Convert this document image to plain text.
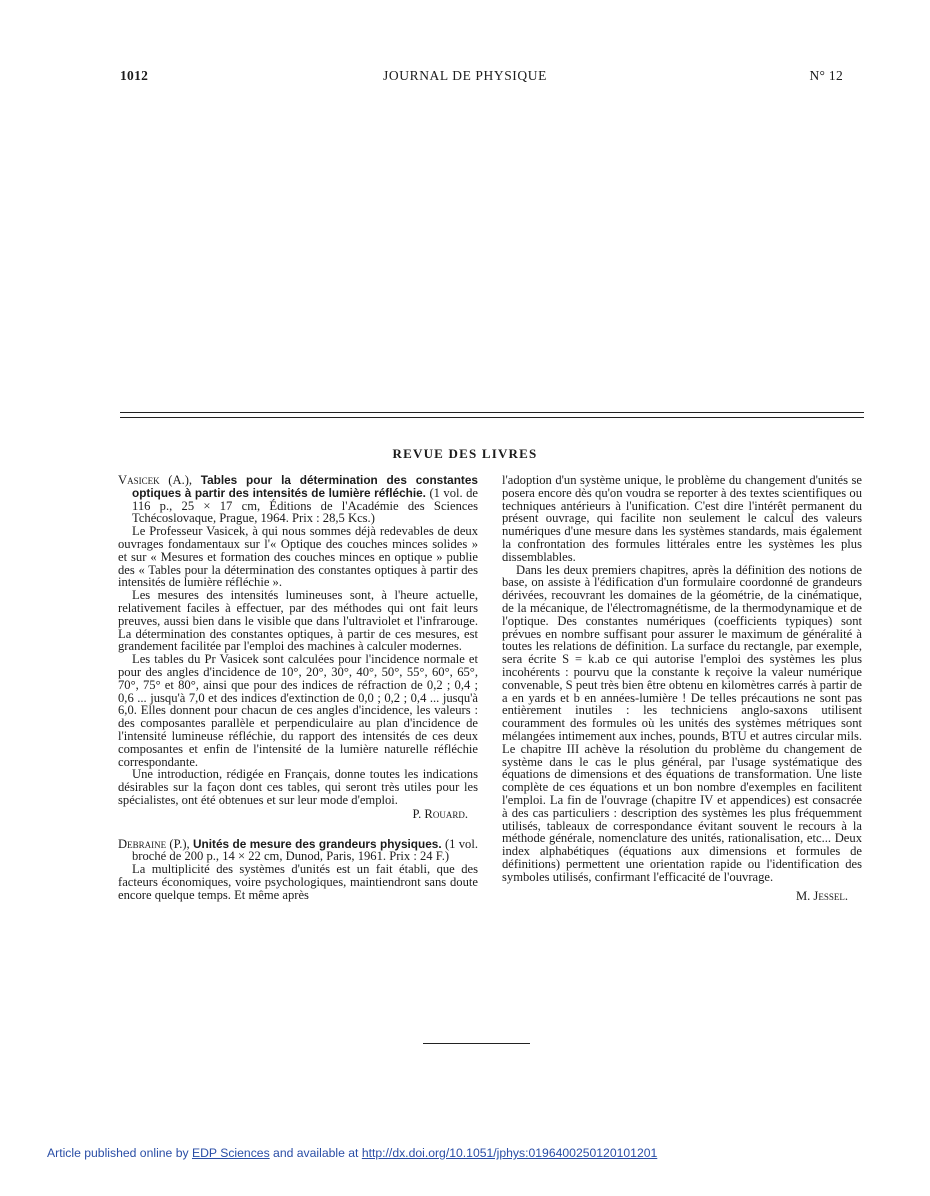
1012	JOURNAL DE PHYSIQUE	N° 12
REVUE DES LIVRES

Vasicek (A.), Tables pour la détermination des constantes optiques à partir des intensités de lumière réfléchie. (1 vol. de 116 p., 25 × 17 cm, Éditions de l'Académie des Sciences Tchécoslovaque, Prague, 1964. Prix : 28,5 Kcs.)

Le Professeur Vasicek, à qui nous sommes déjà redevables de deux ouvrages fondamentaux sur l'« Optique des couches minces solides » et sur « Mesures et formation des couches minces en optique » publie des « Tables pour la détermination des constantes optiques à partir des intensités de lumière réfléchie ».

Les mesures des intensités lumineuses sont, à l'heure actuelle, relativement faciles à effectuer, par des méthodes qui ont fait leurs preuves, aussi bien dans le visible que dans l'ultraviolet et l'infrarouge. La détermination des constantes optiques, à partir de ces mesures, est grandement facilitée par l'emploi des machines à calculer modernes.

Les tables du Pr Vasicek sont calculées pour l'incidence normale et pour des angles d'incidence de 10°, 20°, 30°, 40°, 50°, 55°, 60°, 65°, 70°, 75° et 80°, ainsi que pour des indices de réfraction de 0,2 ; 0,4 ; 0,6 ... jusqu'à 7,0 et des indices d'extinction de 0,0 ; 0,2 ; 0,4 ... jusqu'à 6,0. Elles donnent pour chacun de ces angles d'incidence, les valeurs : des composantes parallèle et perpendiculaire au plan d'incidence de l'intensité lumineuse réfléchie, du rapport des intensités de ces deux composantes et enfin de l'intensité de la lumière naturelle réfléchie correspondante.

Une introduction, rédigée en Français, donne toutes les indications désirables sur la façon dont ces tables, qui seront très utiles pour les spécialistes, ont été obtenues et sur leur mode d'emploi.

P. Rouard.

Debraine (P.), Unités de mesure des grandeurs physiques. (1 vol. broché de 200 p., 14 × 22 cm, Dunod, Paris, 1961. Prix : 24 F.)

La multiplicité des systèmes d'unités est un fait établi, que des facteurs économiques, voire psychologiques, maintiendront sans doute encore quelque temps. Et même après

l'adoption d'un système unique, le problème du changement d'unités se posera encore dès qu'on voudra se reporter à des textes scientifiques ou techniques antérieurs à l'unification. C'est dire l'intérêt permanent du présent ouvrage, qui facilite non seulement le calcul des valeurs numériques d'une mesure dans les systèmes standards, mais également la confrontation des formules littérales entre les systèmes les plus dissemblables.

Dans les deux premiers chapitres, après la définition des notions de base, on assiste à l'édification d'un formulaire coordonné de grandeurs dérivées, recouvrant les domaines de la géométrie, de la cinématique, de la mécanique, de l'électromagnétisme, de la thermodynamique et de l'optique. Des constantes numériques (coefficients typiques) sont prévues en nombre suffisant pour assurer le maximum de généralité à toutes les relations de définition. La surface du rectangle, par exemple, sera écrite S = k.ab ce qui autorise l'emploi des systèmes les plus incohérents : pourvu que la constante k reçoive la valeur numérique convenable, S peut très bien être obtenu en kilomètres carrés à partir de a en yards et b en années-lumière ! De telles précautions ne sont pas entièrement inutiles : les techniciens anglo-saxons utilisent couramment des formules où les unités des systèmes métriques sont mélangées intimement aux inches, pounds, BTU et autres circular mils. Le chapitre III achève la résolution du problème du changement de système dans le cas le plus général, par l'usage systématique des équations de dimensions et des équations de transformation. Une liste complète de ces équations et un bon nombre d'exemples en facilitent l'emploi. La fin de l'ouvrage (chapitre IV et appendices) est consacrée à des cas particuliers : description des systèmes les plus fréquemment utilisés, tableaux de correspondance évitant souvent le recours à la méthode générale, nomenclature des unités, rationalisation, etc... Deux index alphabétiques (équations aux dimensions et formules de définitions) permettent une orientation rapide ou l'identification des symboles utilisés, confirmant l'efficacité de l'ouvrage.

M. Jessel.

Article published online by EDP Sciences and available at http://dx.doi.org/10.1051/jphys:0196400250120101201
